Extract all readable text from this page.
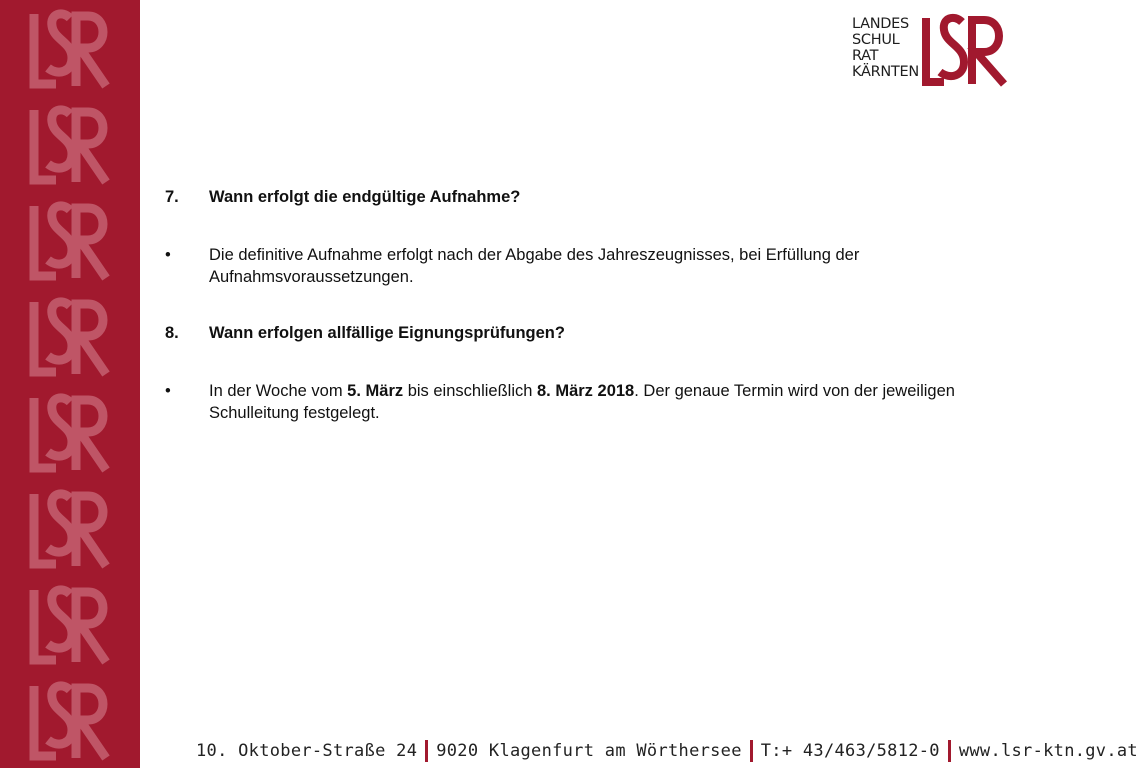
LANDES
SCHUL
RAT
KÄRNTEN
7. Wann erfolgt die endgültige Aufnahme?
• Die definitive Aufnahme erfolgt nach der Abgabe des Jahreszeugnisses, bei Erfüllung der Aufnahmsvoraussetzungen.
8. Wann erfolgen allfällige Eignungsprüfungen?
• In der Woche vom 5. März bis einschließlich 8. März 2018. Der genaue Termin wird von der jeweiligen Schulleitung festgelegt.
10. Oktober-Straße 24 9020 Klagenfurt am Wörthersee T:+ 43/463/5812-0 www.lsr-ktn.gv.at
